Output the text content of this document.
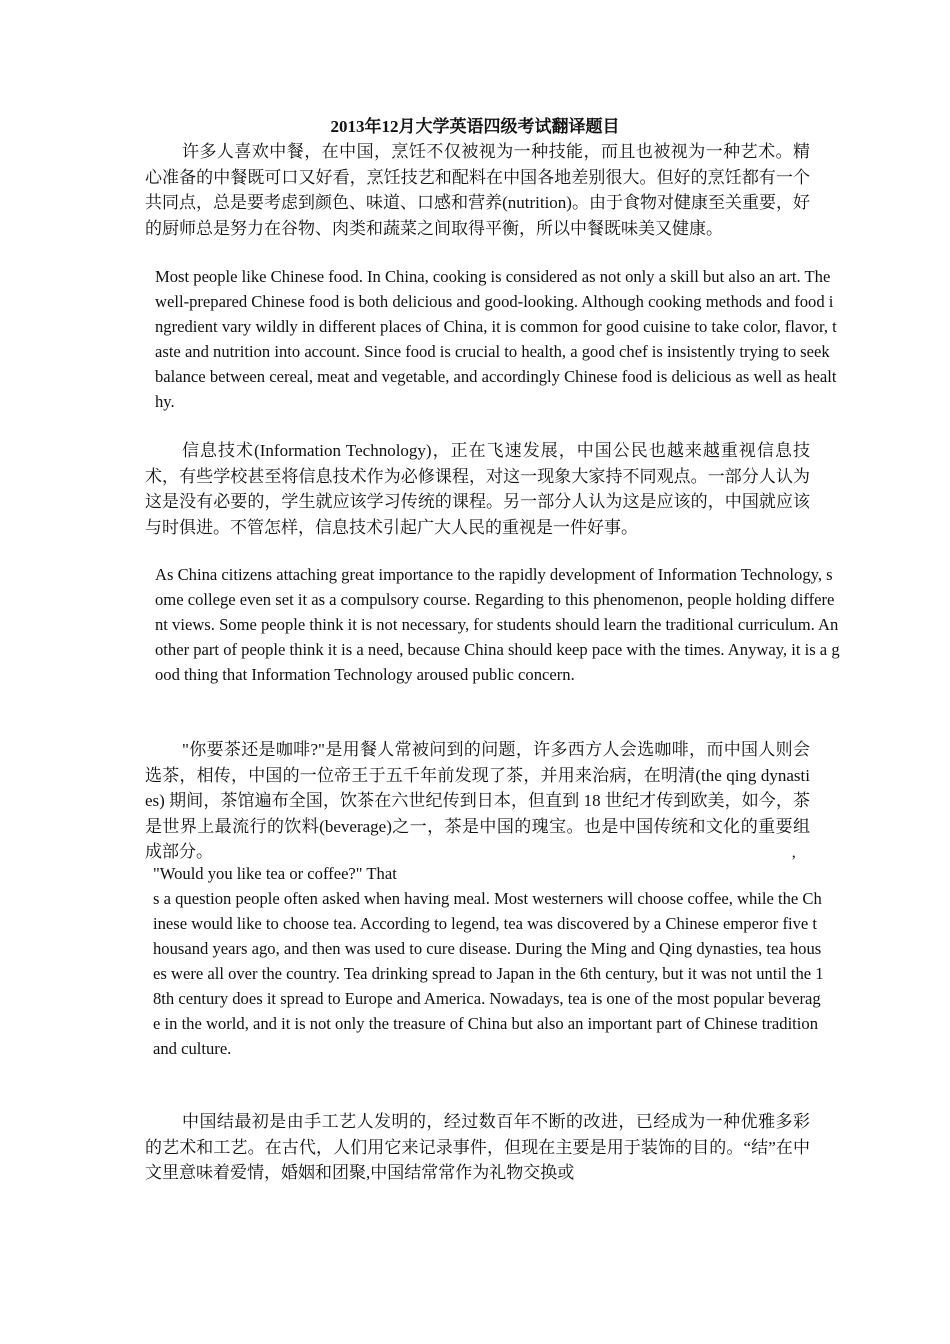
2013年12月大学英语四级考试翻译题目
许多人喜欢中餐，在中国，烹饪不仅被视为一种技能，而且也被视为一种艺术。精心准备的中餐既可口又好看，烹饪技艺和配料在中国各地差别很大。但好的烹饪都有一个共同点，总是要考虑到颜色、味道、口感和营养(nutrition)。由于食物对健康至关重要，好的厨师总是努力在谷物、肉类和蔬菜之间取得平衡，所以中餐既味美又健康。
Most people like Chinese food. In China, cooking is considered as not only a skill but also an art. The well-prepared Chinese food is both delicious and good-looking. Although cooking methods and food ingredient vary wildly in different places of China, it is common for good cuisine to take color, flavor, taste and nutrition into account. Since food is crucial to health, a good chef is insistently trying to seek balance between cereal, meat and vegetable, and accordingly Chinese food is delicious as well as healthy.
信息技术(Information Technology)，正在飞速发展，中国公民也越来越重视信息技术，有些学校甚至将信息技术作为必修课程，对这一现象大家持不同观点。一部分人认为这是没有必要的，学生就应该学习传统的课程。另一部分人认为这是应该的，中国就应该与时俱进。不管怎样，信息技术引起广大人民的重视是一件好事。
As China citizens attaching great importance to the rapidly development of Information Technology, some college even set it as a compulsory course. Regarding to this phenomenon, people holding different views. Some people think it is not necessary, for students should learn the traditional curriculum. Another part of people think it is a need, because China should keep pace with the times. Anyway, it is a good thing that Information Technology aroused public concern.
"你要茶还是咖啡?"是用餐人常被问到的问题，许多西方人会选咖啡，而中国人则会选茶，相传，中国的一位帝王于五千年前发现了茶，并用来治病，在明清(the qing dynasties) 期间，茶馆遍布全国，饮茶在六世纪传到日本，但直到 18 世纪才传到欧美，如今，茶是世界上最流行的饮料(beverage)之一，茶是中国的瑰宝。也是中国传统和文化的重要组成部分。
"Would you like tea or coffee?" That
’
s a question people often asked when having meal. Most westerners will choose coffee, while the Chinese would like to choose tea. According to legend, tea was discovered by a Chinese emperor five thousand years ago, and then was used to cure disease. During the Ming and Qing dynasties, tea houses were all over the country. Tea drinking spread to Japan in the 6th century, but it was not until the 18th century does it spread to Europe and America. Nowadays, tea is one of the most popular beverage in the world, and it is not only the treasure of China but also an important part of Chinese tradition and culture.
中国结最初是由手工艺人发明的，经过数百年不断的改进，已经成为一种优雅多彩的艺术和工艺。在古代，人们用它来记录事件，但现在主要是用于装饰的目的。“结”在中文里意味着爱情，婚姻和团聚,中国结常常作为礼物交换或
